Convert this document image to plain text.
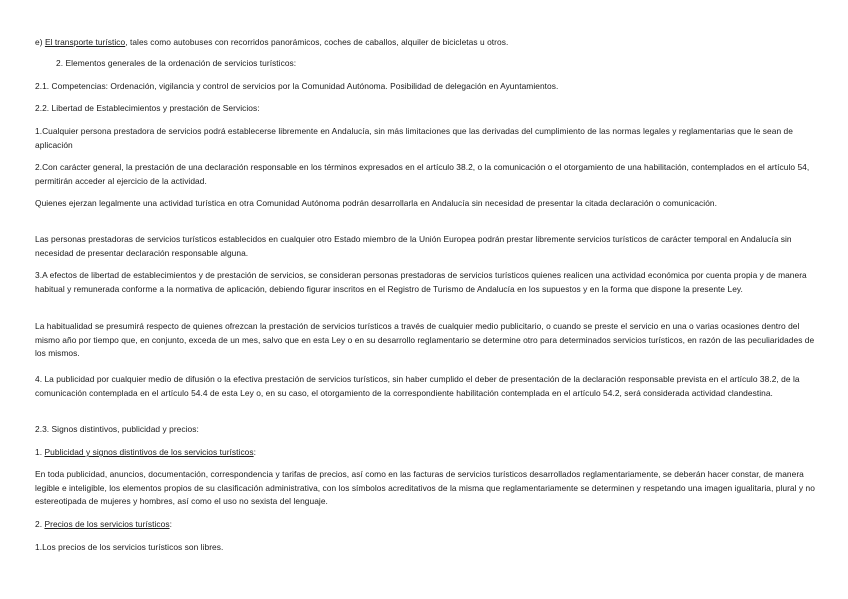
e) El transporte turístico, tales como autobuses con recorridos panorámicos, coches de caballos, alquiler de bicicletas u otros.
2. Elementos generales de la ordenación de servicios turísticos:
2.1. Competencias: Ordenación, vigilancia y control de servicios por la Comunidad Autónoma. Posibilidad de delegación en Ayuntamientos.
2.2. Libertad de Establecimientos y prestación de Servicios:
1.Cualquier persona prestadora de servicios podrá establecerse libremente en Andalucía, sin más limitaciones que las derivadas del cumplimiento de las normas legales y reglamentarias que le sean de aplicación
2.Con carácter general, la prestación de una declaración responsable en los términos expresados en el artículo 38.2, o la comunicación o el otorgamiento de una habilitación, contemplados en el artículo 54, permitirán acceder al ejercicio de la actividad.
Quienes ejerzan legalmente una actividad turística en otra Comunidad Autónoma podrán desarrollarla en Andalucía sin necesidad de presentar la citada declaración o comunicación.
Las personas prestadoras de servicios turísticos establecidos en cualquier otro Estado miembro de la Unión Europea podrán prestar libremente servicios turísticos de carácter temporal en Andalucía sin necesidad de presentar declaración responsable alguna.
3.A efectos de libertad de establecimientos y de prestación de servicios, se consideran personas prestadoras de servicios turísticos quienes realicen una actividad económica por cuenta propia y de manera habitual y remunerada conforme a la normativa de aplicación, debiendo figurar inscritos en el Registro de Turismo de Andalucía en los supuestos y en la forma que dispone la presente Ley.
La habitualidad se presumirá respecto de quienes ofrezcan la prestación de servicios turísticos a través de cualquier medio publicitario, o cuando se preste el servicio en una o varias ocasiones dentro del mismo año por tiempo que, en conjunto, exceda de un mes, salvo que en esta Ley o en su desarrollo reglamentario se determine otro para determinados servicios turísticos, en razón de las peculiaridades de los mismos.
4. La publicidad por cualquier medio de difusión o la efectiva prestación de servicios turísticos, sin haber cumplido el deber de presentación de la declaración responsable prevista en el artículo 38.2, de la comunicación contemplada en el artículo 54.4 de esta Ley o, en su caso, el otorgamiento de la correspondiente habilitación contemplada en el artículo 54.2, será considerada actividad clandestina.
2.3. Signos distintivos, publicidad y precios:
1. Publicidad y signos distintivos de los servicios turísticos:
En toda publicidad, anuncios, documentación, correspondencia y tarifas de precios, así como en las facturas de servicios turísticos desarrollados reglamentariamente, se deberán hacer constar, de manera legible e inteligible, los elementos propios de su clasificación administrativa, con los símbolos acreditativos de la misma que reglamentariamente se determinen y respetando una imagen igualitaria, plural y no estereotipada de mujeres y hombres, así como el uso no sexista del lenguaje.
2. Precios de los servicios turísticos:
1.Los precios de los servicios turísticos son libres.
